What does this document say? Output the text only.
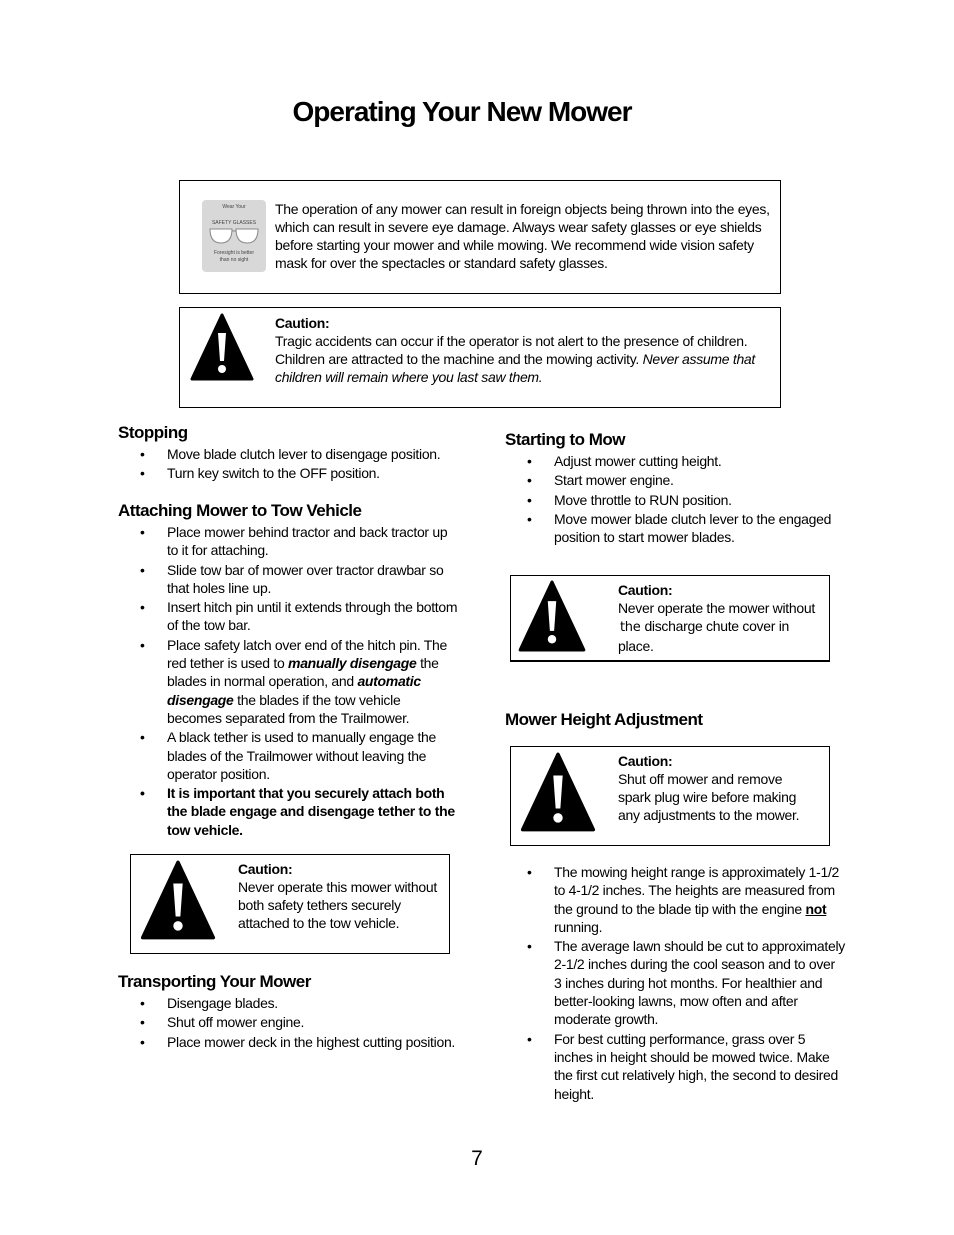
Operating Your New Mower
Wear Your
SAFETY GLASSES
Foresight is better
than no sight
The operation of any mower can result in foreign objects being thrown into the eyes, which can result in severe eye damage. Always wear safety glasses or eye shields before starting your mower and while mowing. We recommend wide vision safety mask for over the spectacles or standard safety glasses.
Caution:
Tragic accidents can occur if the operator is not alert to the presence of children. Children are attracted to the machine and the mowing activity. Never assume that children will remain where you last saw them.
Stopping
• Move blade clutch lever to disengage position.
• Turn key switch to the OFF position.
Attaching Mower to Tow Vehicle
• Place mower behind tractor and back tractor up to it for attaching.
• Slide tow bar of mower over tractor drawbar so that holes line up.
• Insert hitch pin until it extends through the bottom of the tow bar.
• Place safety latch over end of the hitch pin. The red tether is used to manually disengage the blades in normal operation, and automatic disengage the blades if the tow vehicle becomes separated from the Trailmower.
• A black tether is used to manually engage the blades of the Trailmower without leaving the operator position.
• It is important that you securely attach both the blade engage and disengage tether to the tow vehicle.
Caution:
Never operate this mower without both safety tethers securely attached to the tow vehicle.
Transporting Your Mower
• Disengage blades.
• Shut off mower engine.
• Place mower deck in the highest cutting position.
Starting to Mow
• Adjust mower cutting height.
• Start mower engine.
• Move throttle to RUN position.
• Move mower blade clutch lever to the engaged position to start mower blades.
Caution:
Never operate the mower without
the discharge chute cover in
place.
Mower Height Adjustment
Caution:
Shut off mower and remove spark plug wire before making any adjustments to the mower.
• The mowing height range is approximately 1-1/2 to 4-1/2 inches. The heights are measured from the ground to the blade tip with the engine not running.
• The average lawn should be cut to approximately 2-1/2 inches during the cool season and to over 3 inches during hot months. For healthier and better-looking lawns, mow often and after moderate growth.
• For best cutting performance, grass over 5 inches in height should be mowed twice. Make the first cut relatively high, the second to desired height.
7
